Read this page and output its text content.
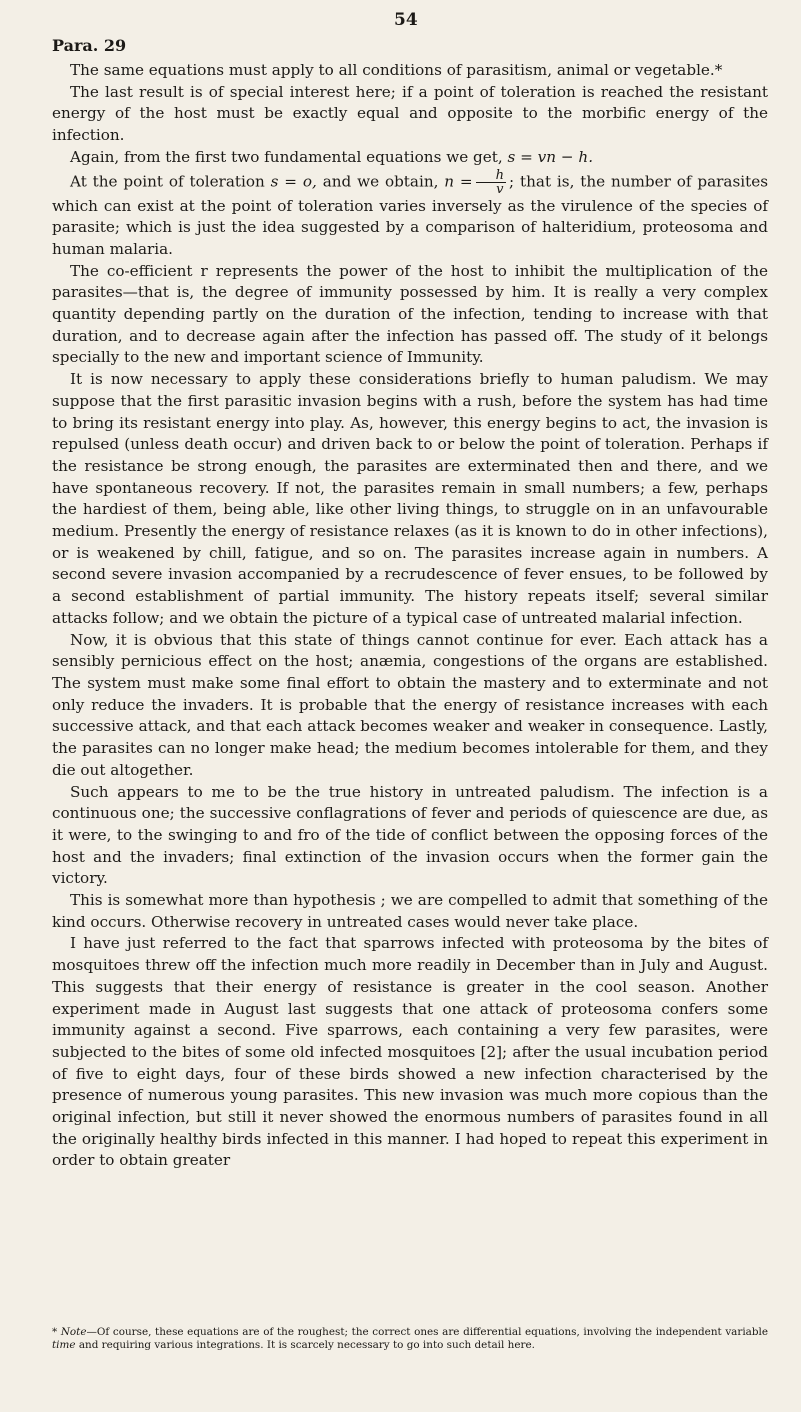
54
Para. 29

The same equations must apply to all conditions of parasitism, animal or vegetable.*

The last result is of special interest here; if a point of toleration is reached the resistant energy of the host must be exactly equal and opposite to the morbific energy of the infection.

Again, from the first two fundamental equations we get, s = vn − h.

At the point of toleration s = o, and we obtain, $n = \frac{h}{v}$ ; that is, the number of parasites which can exist at the point of toleration varies inversely as the virulence of the species of parasite; which is just the idea suggested by a comparison of halteridium, proteosoma and human malaria.

The co-efficient r represents the power of the host to inhibit the multiplication of the parasites—that is, the degree of immunity possessed by him. It is really a very complex quantity depending partly on the duration of the infection, tending to increase with that duration, and to decrease again after the infection has passed off. The study of it belongs specially to the new and important science of Immunity.

It is now necessary to apply these considerations briefly to human paludism. We may suppose that the first parasitic invasion begins with a rush, before the system has had time to bring its resistant energy into play. As, however, this energy begins to act, the invasion is repulsed (unless death occur) and driven back to or below the point of toleration. Perhaps if the resistance be strong enough, the parasites are exterminated then and there, and we have spontaneous recovery. If not, the parasites remain in small numbers; a few, perhaps the hardiest of them, being able, like other living things, to struggle on in an unfavourable medium. Presently the energy of resistance relaxes (as it is known to do in other infections), or is weakened by chill, fatigue, and so on. The parasites increase again in numbers. A second severe invasion accompanied by a recrudescence of fever ensues, to be followed by a second establishment of partial immunity. The history repeats itself; several similar attacks follow; and we obtain the picture of a typical case of untreated malarial infection.

Now, it is obvious that this state of things cannot continue for ever. Each attack has a sensibly pernicious effect on the host; anæmia, congestions of the organs are established. The system must make some final effort to obtain the mastery and to exterminate and not only reduce the invaders. It is probable that the energy of resistance increases with each successive attack, and that each attack becomes weaker and weaker in consequence. Lastly, the parasites can no longer make head; the medium becomes intolerable for them, and they die out altogether.

Such appears to me to be the true history in untreated paludism. The infection is a continuous one; the successive conflagrations of fever and periods of quiescence are due, as it were, to the swinging to and fro of the tide of conflict between the opposing forces of the host and the invaders; final extinction of the invasion occurs when the former gain the victory.

This is somewhat more than hypothesis ; we are compelled to admit that something of the kind occurs. Otherwise recovery in untreated cases would never take place.

I have just referred to the fact that sparrows infected with proteosoma by the bites of mosquitoes threw off the infection much more readily in December than in July and August. This suggests that their energy of resistance is greater in the cool season. Another experiment made in August last suggests that one attack of proteosoma confers some immunity against a second. Five sparrows, each containing a very few parasites, were subjected to the bites of some old infected mosquitoes [2]; after the usual incubation period of five to eight days, four of these birds showed a new infection characterised by the presence of numerous young parasites. This new invasion was much more copious than the original infection, but still it never showed the enormous numbers of parasites found in all the originally healthy birds infected in this manner. I had hoped to repeat this experiment in order to obtain greater

* Note—Of course, these equations are of the roughest; the correct ones are differential equations, involving the independent variable time and requiring various integrations. It is scarcely necessary to go into such detail here.
